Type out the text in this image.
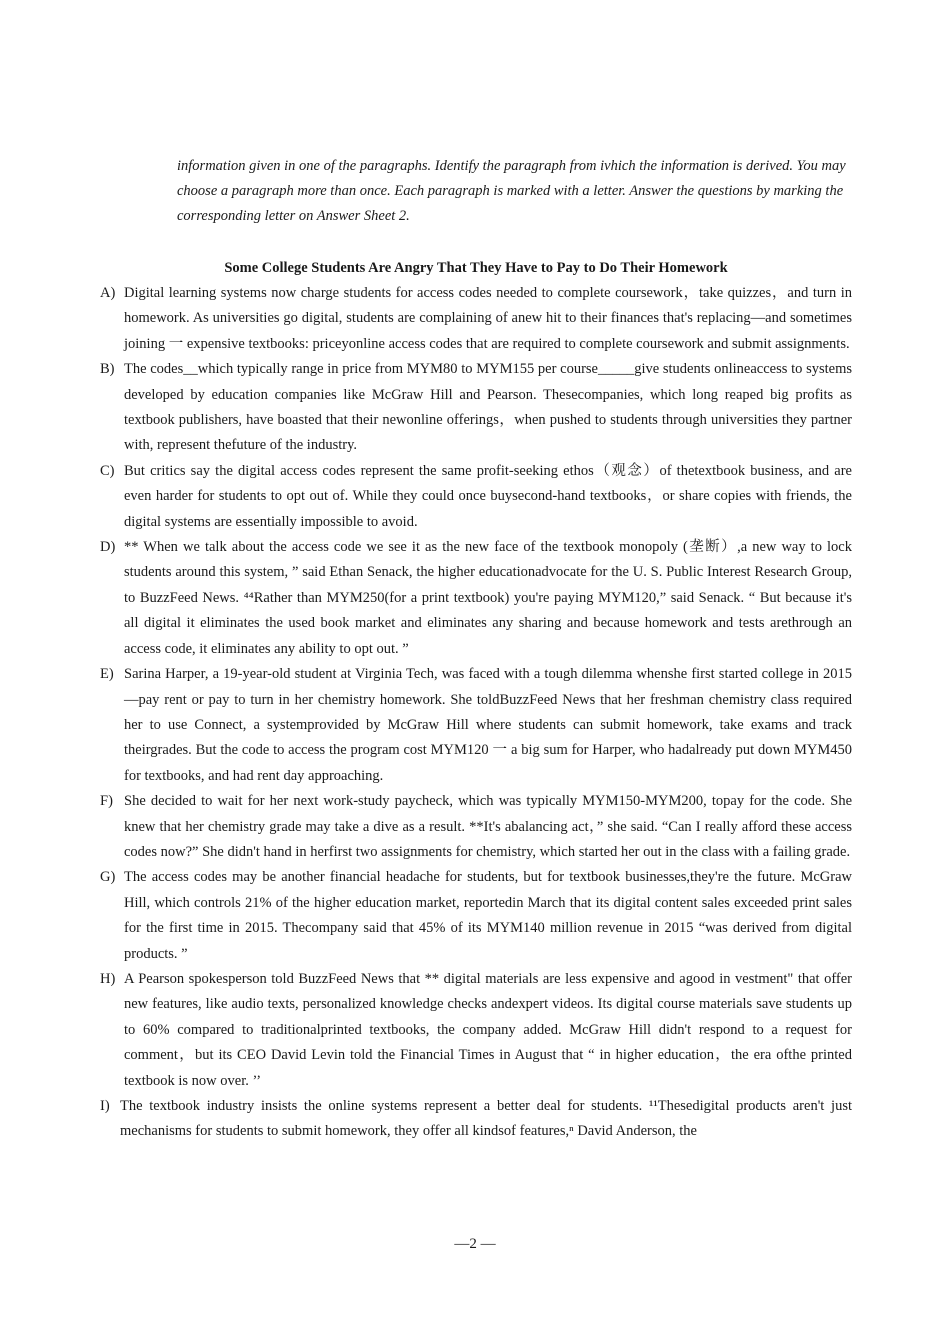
information given in one of the paragraphs. Identify the paragraph from ivhich the information is derived. You may choose a paragraph more than once. Each paragraph is marked with a letter. Answer the questions by marking the corresponding letter on Answer Sheet 2.

Some College Students Are Angry That They Have to Pay to Do Their Homework
A) Digital learning systems now charge students for access codes needed to complete coursework，take quizzes，and turn in homework. As universities go digital, students are complaining of anew hit to their finances that's replacing—and sometimes joining 一 expensive textbooks: priceyonline access codes that are required to complete coursework and submit assignments.
B) The codes__which typically range in price from MYM80 to MYM155 per course_____give students onlineaccess to systems developed by education companies like McGraw Hill and Pearson. Thesecompanies, which long reaped big profits as textbook publishers, have boasted that their newonline offerings，when pushed to students through universities they partner with, represent thefuture of the industry.
C) But critics say the digital access codes represent the same profit-seeking ethos（观念）of thetextbook business, and are even harder for students to opt out of. While they could once buysecond-hand textbooks，or share copies with friends, the digital systems are essentially impossible to avoid.
D) ** When we talk about the access code we see it as the new face of the textbook monopoly (垄断）,a new way to lock students around this system, ” said Ethan Senack, the higher educationadvocate for the U. S. Public Interest Research Group, to BuzzFeed News. ⁴⁴Rather than MYM250(for a print textbook) you're paying MYM120,” said Senack. “ But because it's all digital it eliminates the used book market and eliminates any sharing and because homework and tests arethrough an access code, it eliminates any ability to opt out. ”
E) Sarina Harper, a 19-year-old student at Virginia Tech, was faced with a tough dilemma whenshe first started college in 2015—pay rent or pay to turn in her chemistry homework. She toldBuzzFeed News that her freshman chemistry class required her to use Connect, a systemprovided by McGraw Hill where students can submit homework, take exams and track theirgrades. But the code to access the program cost MYM120 一 a big sum for Harper, who hadalready put down MYM450 for textbooks, and had rent day approaching.
F) She decided to wait for her next work-study paycheck, which was typically MYM150-MYM200, topay for the code. She knew that her chemistry grade may take a dive as a result. **It's abalancing act，” she said. “Can I really afford these access codes now?” She didn't hand in herfirst two assignments for chemistry, which started her out in the class with a failing grade.
G) The access codes may be another financial headache for students, but for textbook businesses,they're the future. McGraw Hill, which controls 21% of the higher education market, reportedin March that its digital content sales exceeded print sales for the first time in 2015. Thecompany said that 45% of its MYM140 million revenue in 2015 “was derived from digital products. ”
H) A Pearson spokesperson told BuzzFeed News that ** digital materials are less expensive and agood in vestment" that offer new features, like audio texts, personalized knowledge checks andexpert videos. Its digital course materials save students up to 60% compared to traditionalprinted textbooks, the company added. McGraw Hill didn't respond to a request for comment，but its CEO David Levin told the Financial Times in August that “ in higher education，the era ofthe printed textbook is now over. ’’
I) The textbook industry insists the online systems represent a better deal for students. ¹¹Thesedigital products aren't just mechanisms for students to submit homework, they offer all kindsof features,ⁿ David Anderson, the
—2 —
